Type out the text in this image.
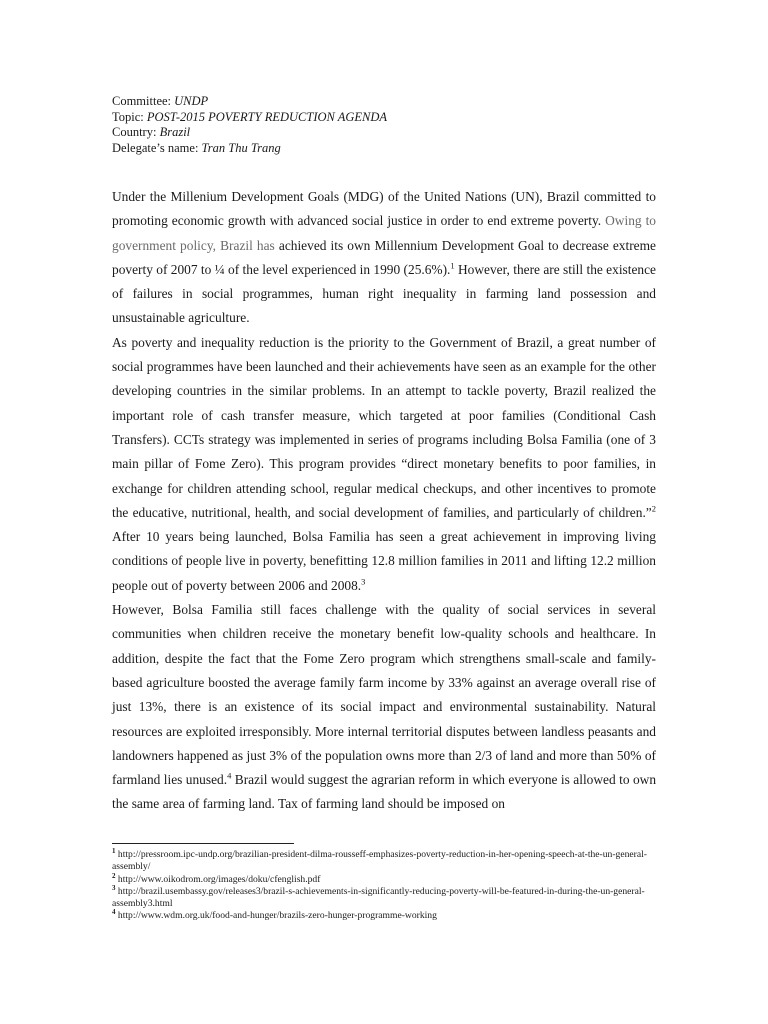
Committee: UNDP
Topic: POST-2015 POVERTY REDUCTION AGENDA
Country: Brazil
Delegate’s name: Tran Thu Trang

Under the Millenium Development Goals (MDG) of the United Nations (UN), Brazil committed to promoting economic growth with advanced social justice in order to end extreme poverty. Owing to government policy, Brazil has achieved its own Millennium Development Goal to decrease extreme poverty of 2007 to ¼ of the level experienced in 1990 (25.6%).$^1$ However, there are still the existence of failures in social programmes, human right inequality in farming land possession and unsustainable agriculture.

As poverty and inequality reduction is the priority to the Government of Brazil, a great number of social programmes have been launched and their achievements have seen as an example for the other developing countries in the similar problems. In an attempt to tackle poverty, Brazil realized the important role of cash transfer measure, which targeted at poor families (Conditional Cash Transfers). CCTs strategy was implemented in series of programs including Bolsa Familia (one of 3 main pillar of Fome Zero). This program provides “direct monetary benefits to poor families, in exchange for children attending school, regular medical checkups, and other incentives to promote the educative, nutritional, health, and social development of families, and particularly of children.”$^2$ After 10 years being launched, Bolsa Familia has seen a great achievement in improving living conditions of people live in poverty, benefitting 12.8 million families in 2011 and lifting 12.2 million people out of poverty between 2006 and 2008.$^3$

However, Bolsa Familia still faces challenge with the quality of social services in several communities when children receive the monetary benefit low-quality schools and healthcare. In addition, despite the fact that the Fome Zero program which strengthens small-scale and family-based agriculture boosted the average family farm income by 33% against an average overall rise of just 13%, there is an existence of its social impact and environmental sustainability. Natural resources are exploited irresponsibly. More internal territorial disputes between landless peasants and landowners happened as just 3% of the population owns more than 2/3 of land and more than 50% of farmland lies unused.$^4$ Brazil would suggest the agrarian reform in which everyone is allowed to own the same area of farming land. Tax of farming land should be imposed on

$^1$ http://pressroom.ipc-undp.org/brazilian-president-dilma-rousseff-emphasizes-poverty-reduction-in-her-opening-speech-at-the-un-general-assembly/

$^2$ http://www.oikodrom.org/images/doku/cfenglish.pdf

$^3$ http://brazil.usembassy.gov/releases3/brazil-s-achievements-in-significantly-reducing-poverty-will-be-featured-in-during-the-un-general-assembly3.html

$^4$ http://www.wdm.org.uk/food-and-hunger/brazils-zero-hunger-programme-working
